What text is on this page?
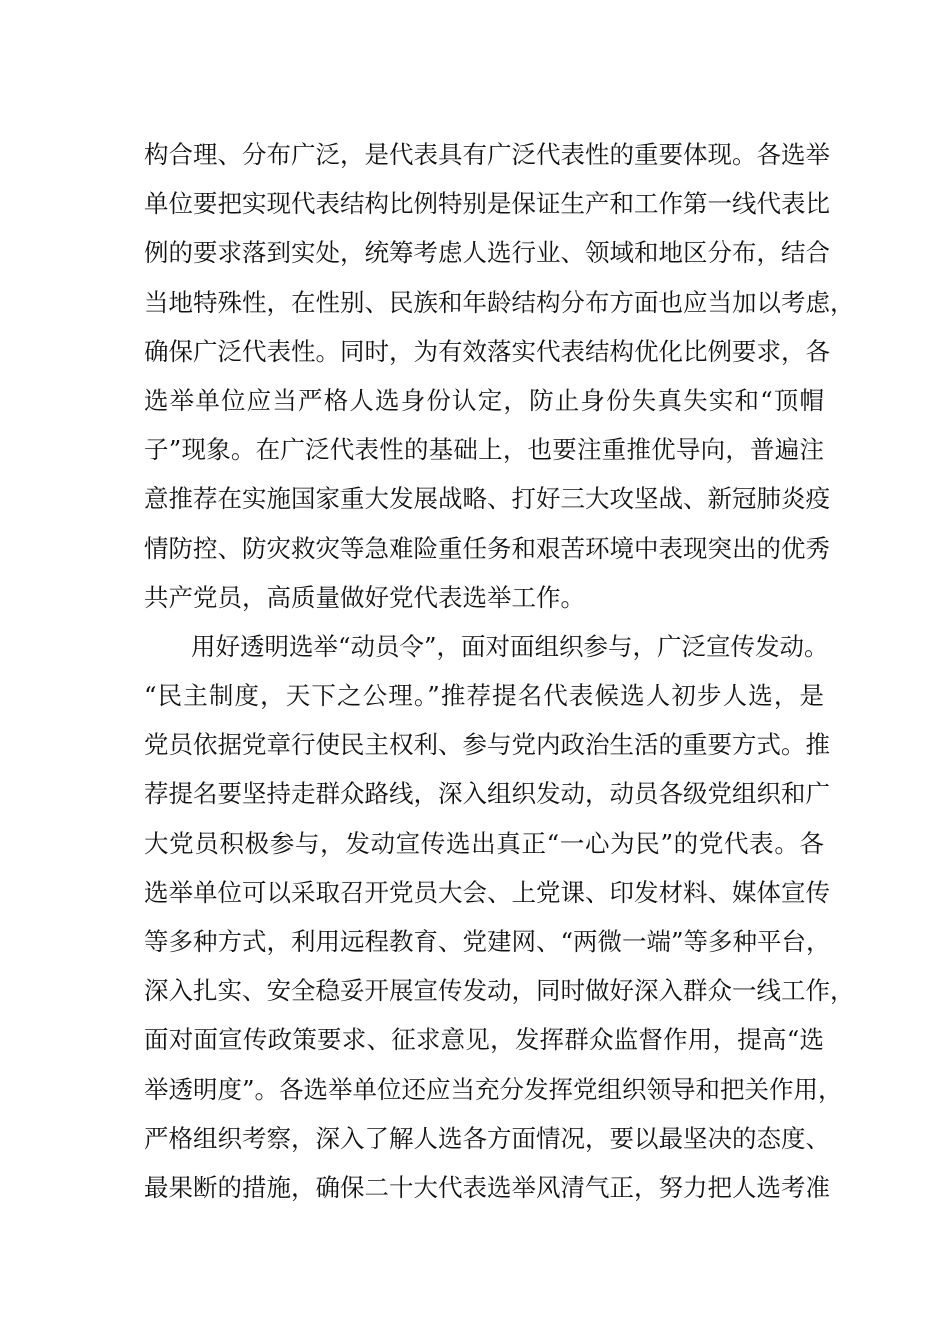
构合理、分布广泛，是代表具有广泛代表性的重要体现。各选举
单位要把实现代表结构比例特别是保证生产和工作第一线代表比
例的要求落到实处，统筹考虑人选行业、领域和地区分布，结合
当地特殊性，在性别、民族和年龄结构分布方面也应当加以考虑，
确保广泛代表性。同时，为有效落实代表结构优化比例要求，各
选举单位应当严格人选身份认定，防止身份失真失实和“顶帽
子”现象。在广泛代表性的基础上，也要注重推优导向，普遍注
意推荐在实施国家重大发展战略、打好三大攻坚战、新冠肺炎疫
情防控、防灾救灾等急难险重任务和艰苦环境中表现突出的优秀
共产党员，高质量做好党代表选举工作。
用好透明选举“动员令”，面对面组织参与，广泛宣传发动。
“民主制度，天下之公理。”推荐提名代表候选人初步人选，是
党员依据党章行使民主权利、参与党内政治生活的重要方式。推
荐提名要坚持走群众路线，深入组织发动，动员各级党组织和广
大党员积极参与，发动宣传选出真正“一心为民”的党代表。各
选举单位可以采取召开党员大会、上党课、印发材料、媒体宣传
等多种方式，利用远程教育、党建网、“两微一端”等多种平台，
深入扎实、安全稳妥开展宣传发动，同时做好深入群众一线工作，
面对面宣传政策要求、征求意见，发挥群众监督作用，提高“选
举透明度”。各选举单位还应当充分发挥党组织领导和把关作用，
严格组织考察，深入了解人选各方面情况，要以最坚决的态度、
最果断的措施，确保二十大代表选举风清气正，努力把人选考准
